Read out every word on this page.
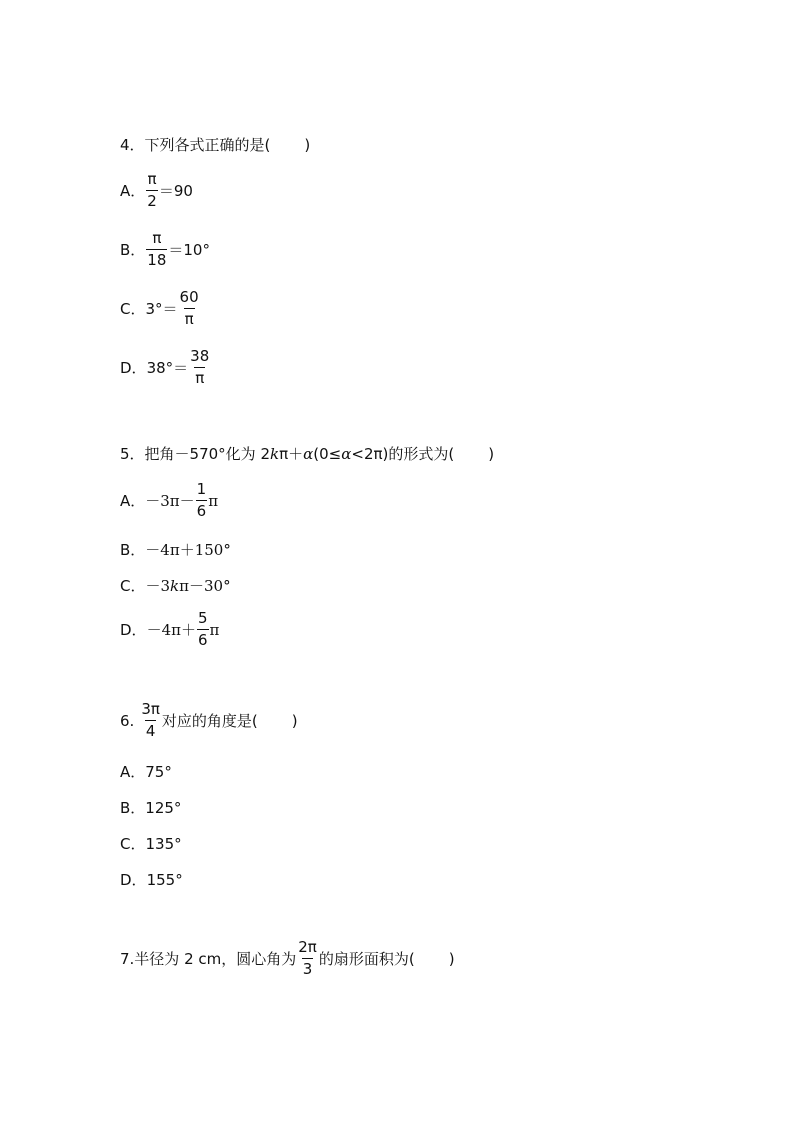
4． 下列各式正确的是( )
A． $\frac{\pi}{2} =90$
B． $\frac{\pi}{18} =10^\circ$
C． $3^\circ= \frac{60}{\pi}$
D． $38^\circ= \frac{38}{\pi}$
5． 把角－570°化为 2 k π＋ α (0≤ α <2π)的形式为( )
A． $-3\pi- \frac{1}{6}$ π
B． －4π＋150°
C． －3 k π－30°
D． $-4\pi+ \frac{5}{6}$ π
6. $\frac{3\pi}{4}$ 对应的角度是( )
A． 75°
B． 125°
C． 135°
D． 155°
7.半径为 2 cm，圆心角为 $\frac{2\pi}{3}$ 的扇形面积为( )
